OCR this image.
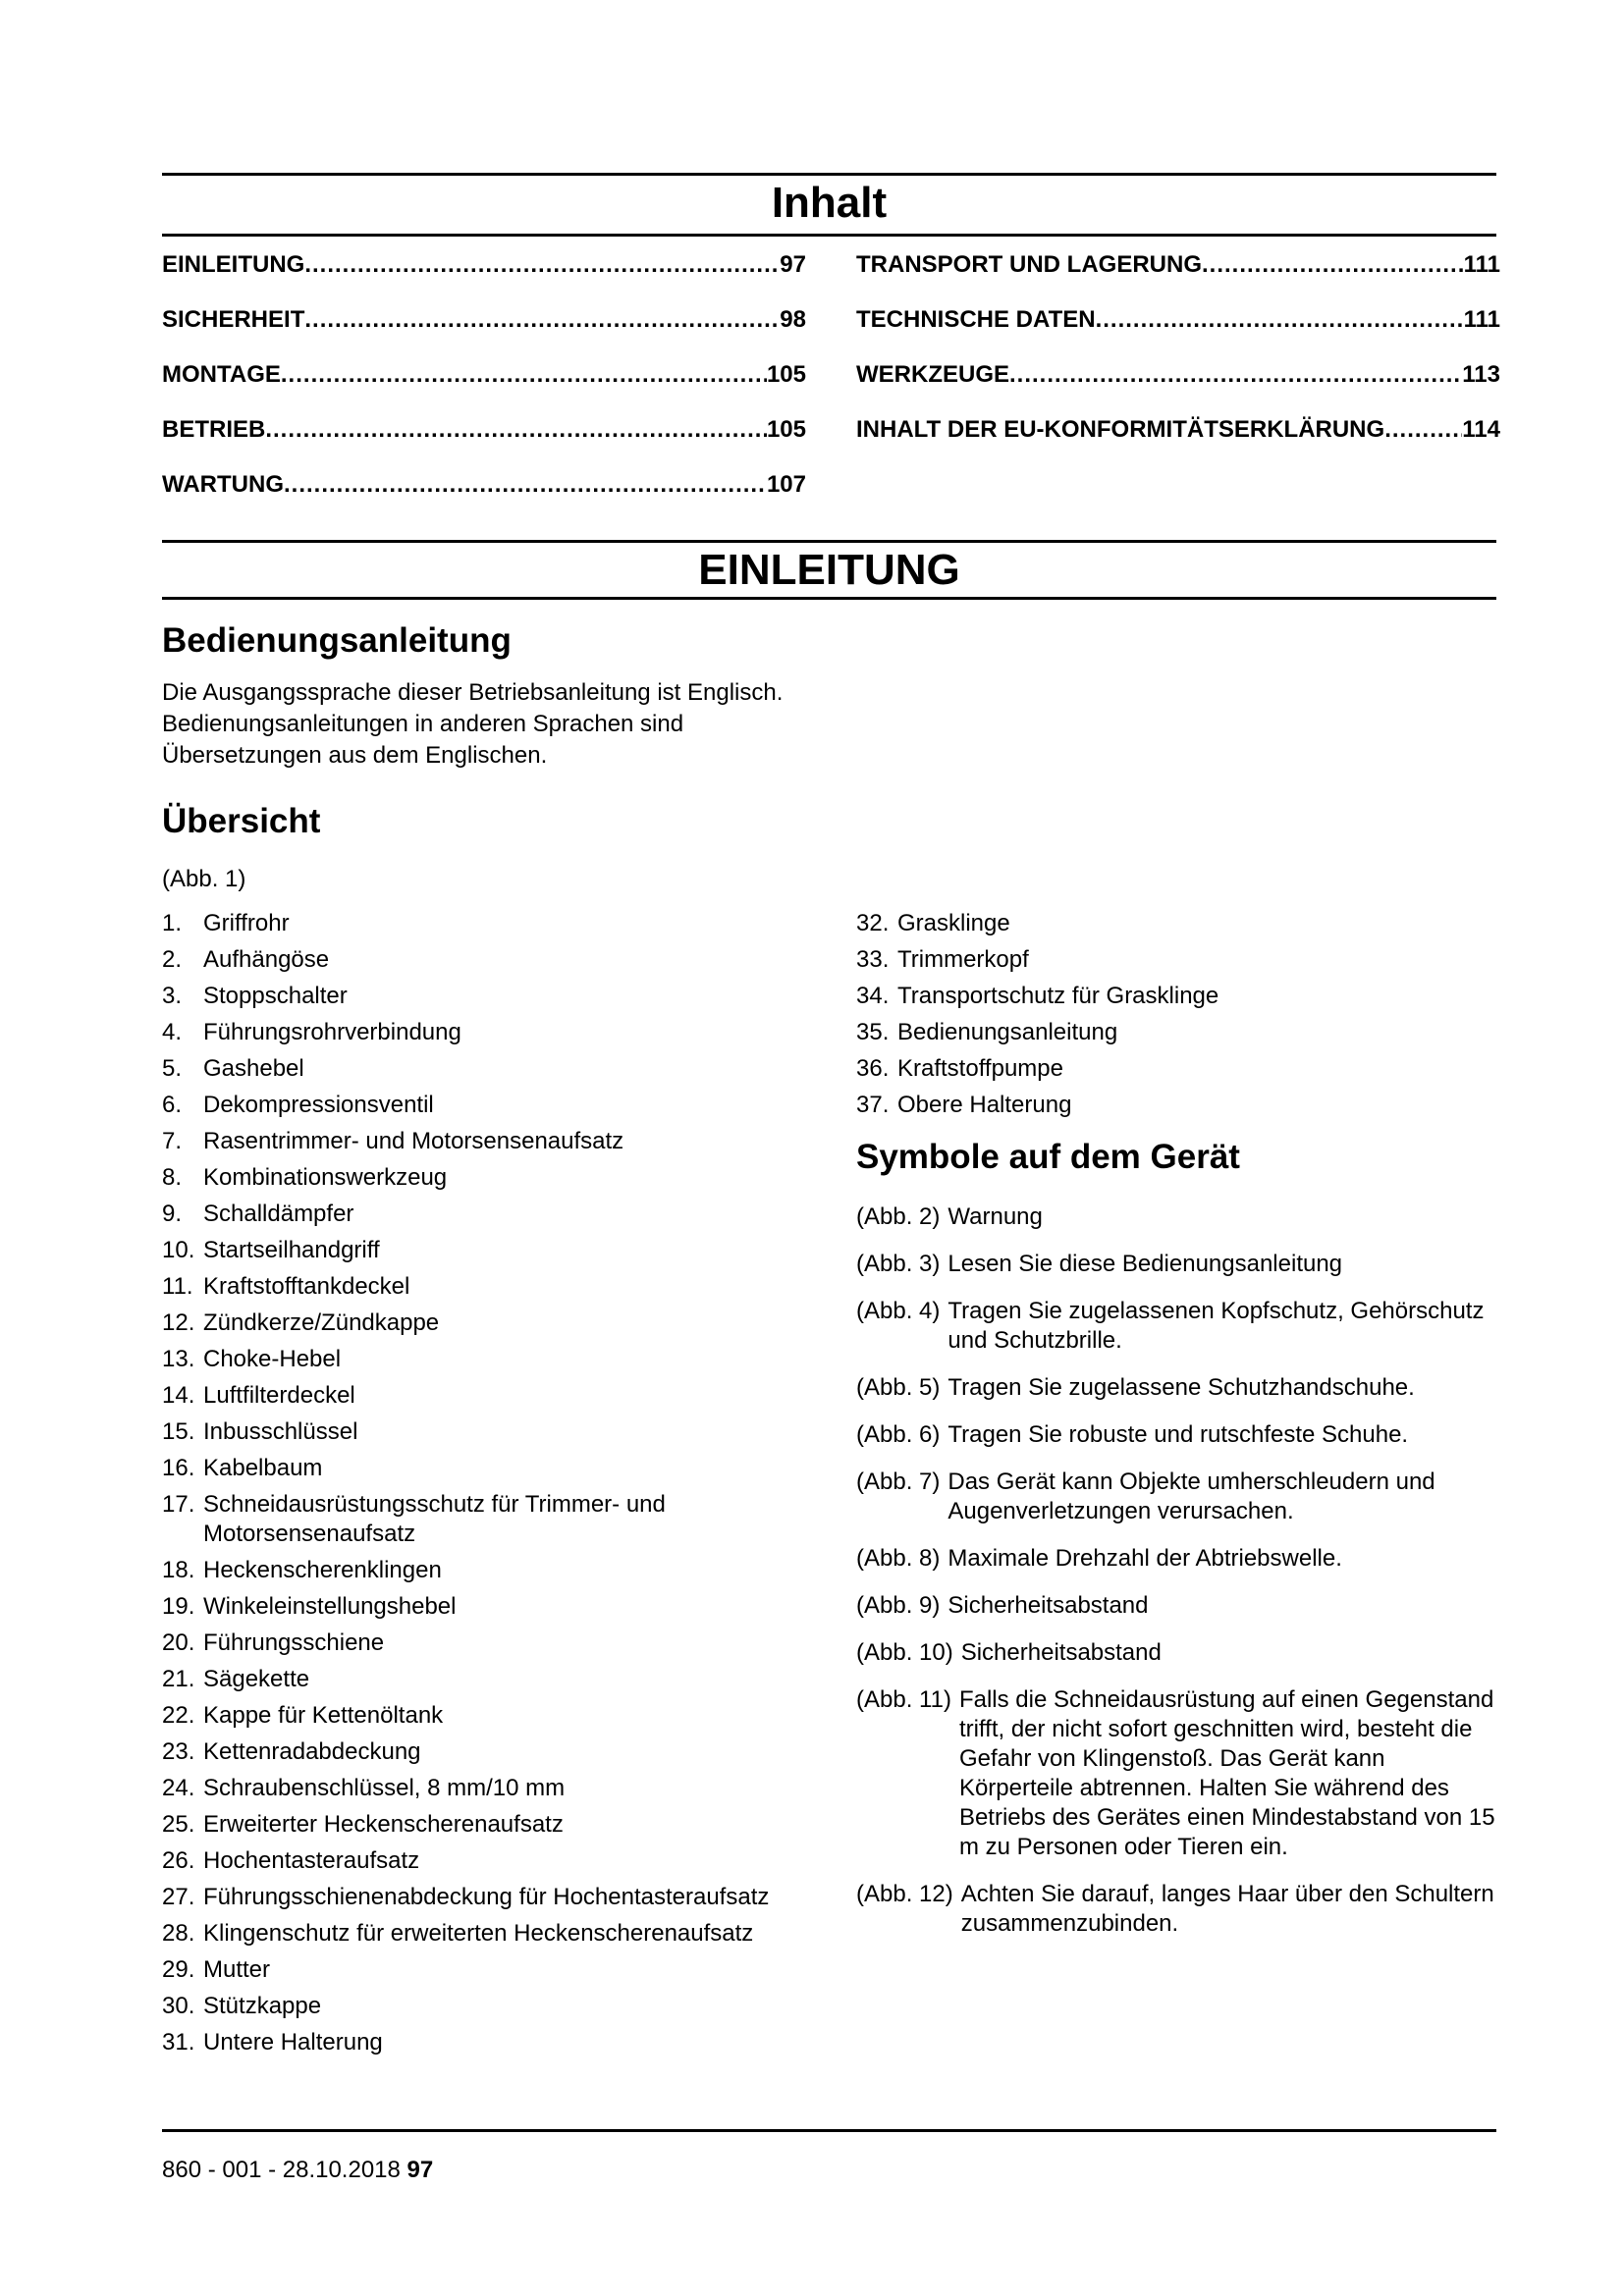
Inhalt
EINLEITUNG .....	97
SICHERHEIT .....	98
MONTAGE .....	105
BETRIEB .....	105
WARTUNG .....	107
TRANSPORT UND LAGERUNG .....	111
TECHNISCHE DATEN .....	111
WERKZEUGE .....	113
INHALT DER EU-KONFORMITÄTSERKLÄRUNG .....	114
EINLEITUNG
Bedienungsanleitung

Die Ausgangssprache dieser Betriebsanleitung ist Englisch. Bedienungsanleitungen in anderen Sprachen sind Übersetzungen aus dem Englischen.

Übersicht

(Abb. 1)

1. Griffrohr
2. Aufhängöse
3. Stoppschalter
4. Führungsrohrverbindung
5. Gashebel
6. Dekompressionsventil
7. Rasentrimmer- und Motorsensenaufsatz
8. Kombinationswerkzeug
9. Schalldämpfer
10. Startseilhandgriff
11. Kraftstofftankdeckel
12. Zündkerze/Zündkappe
13. Choke-Hebel
14. Luftfilterdeckel
15. Inbusschlüssel
16. Kabelbaum
17. Schneidausrüstungsschutz für Trimmer- und Motorsensenaufsatz
18. Heckenscherenklingen
19. Winkeleinstellungshebel
20. Führungsschiene
21. Sägekette
22. Kappe für Kettenöltank
23. Kettenradabdeckung
24. Schraubenschlüssel, 8 mm/10 mm
25. Erweiterter Heckenscherenaufsatz
26. Hochentasteraufsatz
27. Führungsschienenabdeckung für Hochentasteraufsatz
28. Klingenschutz für erweiterten Heckenscherenaufsatz
29. Mutter
30. Stützkappe
31. Untere Halterung
32. Grasklinge
33. Trimmerkopf
34. Transportschutz für Grasklinge
35. Bedienungsanleitung
36. Kraftstoffpumpe
37. Obere Halterung
Symbole auf dem Gerät
(Abb. 2) Warnung
(Abb. 3) Lesen Sie diese Bedienungsanleitung
(Abb. 4) Tragen Sie zugelassenen Kopfschutz, Gehörschutz und Schutzbrille.
(Abb. 5) Tragen Sie zugelassene Schutzhandschuhe.
(Abb. 6) Tragen Sie robuste und rutschfeste Schuhe.
(Abb. 7) Das Gerät kann Objekte umherschleudern und Augenverletzungen verursachen.
(Abb. 8) Maximale Drehzahl der Abtriebswelle.
(Abb. 9) Sicherheitsabstand
(Abb. 10) Sicherheitsabstand
(Abb. 11) Falls die Schneidausrüstung auf einen Gegenstand trifft, der nicht sofort geschnitten wird, besteht die Gefahr von Klingenstoß. Das Gerät kann Körperteile abtrennen. Halten Sie während des Betriebs des Gerätes einen Mindestabstand von 15 m zu Personen oder Tieren ein.
(Abb. 12) Achten Sie darauf, langes Haar über den Schultern zusammenzubinden.
860 - 001 - 28.10.2018 97
